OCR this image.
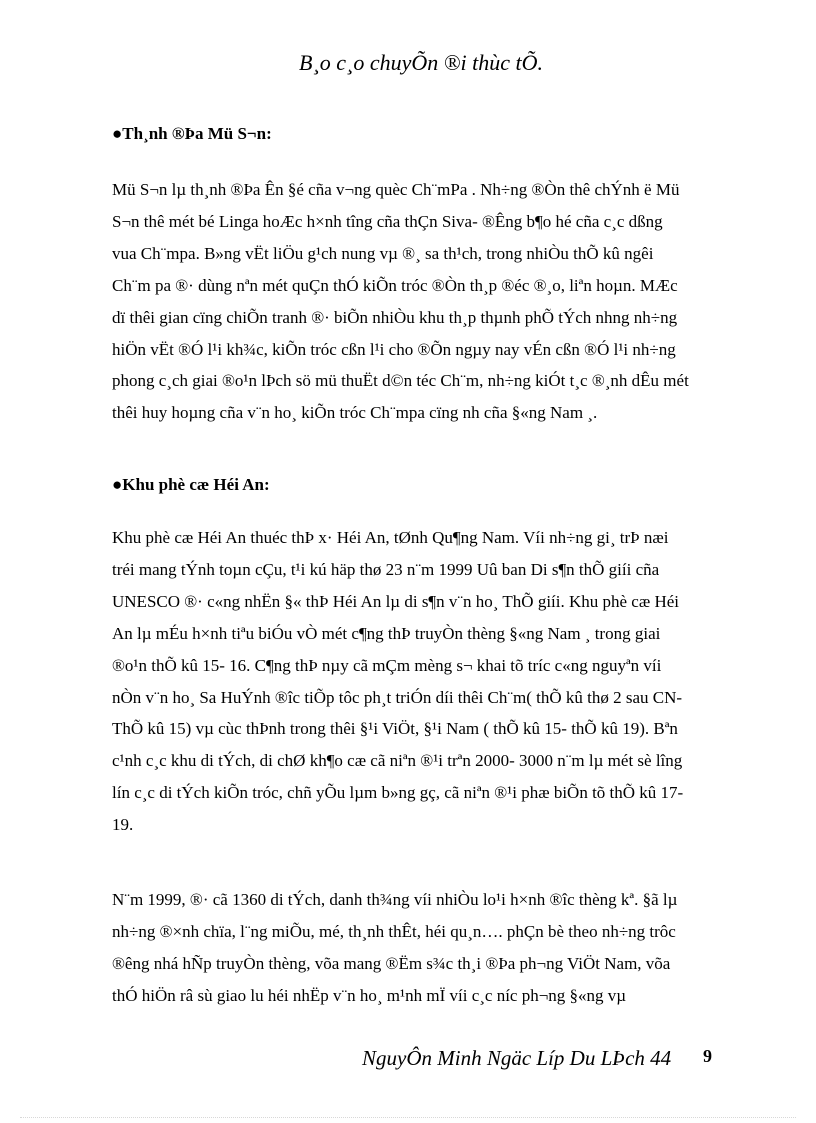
B¸o c¸o chuyÕn ®i thùc tÕ.
●Th¸nh ®Þa Mü S¬n:
Mü S¬n lµ th¸nh ®Þa Ên §é cña v¬ng quèc Ch¨mPa . Nh÷ng ®Òn thê chÝnh ë Mü
S¬n thê mét bé Linga hoÆc h×nh tîng cña thÇn Siva- ®Êng b¶o hé cña c¸c dßng
vua Ch¨mpa. B»ng vËt liÖu g¹ch nung vµ ®¸ sa th¹ch, trong nhiÒu thÕ kû ngêi
Ch¨m pa ®· dùng nªn mét quÇn thÓ kiÕn tróc ®Òn th¸p ®éc ®¸o, liªn hoµn. MÆc
dï thêi gian cïng chiÕn tranh ®· biÕn nhiÒu khu th¸p thµnh phÕ tÝch nhng nh÷ng
hiÖn vËt ®Ó l¹i kh¾c, kiÕn tróc cßn l¹i cho ®Õn ngµy nay vÉn cßn ®Ó l¹i nh÷ng
phong c¸ch giai ®o¹n lÞch sö mü thuËt d©n téc Ch¨m, nh÷ng kiÓt t¸c ®¸nh dÊu mét
thêi huy hoµng cña v¨n ho¸ kiÕn tróc Ch¨mpa cïng nh cña §«ng Nam ¸.
●Khu phè cæ Héi An:
Khu phè cæ Héi An thuéc thÞ x· Héi An, tØnh Qu¶ng Nam. Víi nh÷ng gi¸ trÞ næi
tréi mang tÝnh toµn cÇu, t¹i kú häp thø 23 n¨m 1999 Uû ban Di s¶n thÕ giíi cña
UNESCO ®· c«ng nhËn §« thÞ Héi An lµ di s¶n v¨n ho¸ ThÕ giíi. Khu phè cæ Héi
An lµ mÉu h×nh tiªu biÓu vÒ mét c¶ng thÞ truyÒn thèng §«ng Nam ¸ trong giai
®o¹n thÕ kû 15- 16. C¶ng thÞ nµy cã mÇm mèng s¬ khai tõ tríc c«ng nguyªn víi
nÒn v¨n ho¸ Sa HuÝnh ®îc tiÕp tôc ph¸t triÓn díi thêi Ch¨m( thÕ kû thø 2 sau CN-
ThÕ kû 15) vµ cùc thÞnh trong thêi §¹i ViÖt, §¹i Nam ( thÕ kû 15- thÕ kû 19). Bªn
c¹nh c¸c khu di tÝch, di chØ kh¶o cæ cã niªn ®¹i trªn 2000- 3000 n¨m lµ mét sè lîng
lín c¸c di tÝch kiÕn tróc, chñ yÕu lµm b»ng gç, cã niªn ®¹i phæ biÕn tõ thÕ kû 17-
19.
N¨m 1999, ®· cã 1360 di tÝch, danh th¾ng víi nhiÒu lo¹i h×nh ®îc thèng kª. §ã lµ
nh÷ng ®×nh chïa, l¨ng miÕu, mé, th¸nh thÊt, héi qu¸n…. phÇn bè theo nh÷ng trôc
®êng nhá hÑp truyÒn thèng, võa mang ®Ëm s¾c th¸i ®Þa ph¬ng ViÖt Nam, võa
thÓ hiÖn râ sù giao lu héi nhËp v¨n ho¸ m¹nh mÏ víi c¸c níc ph¬ng §«ng vµ
NguyÔn Minh Ngäc Líp Du LÞch 44 9
